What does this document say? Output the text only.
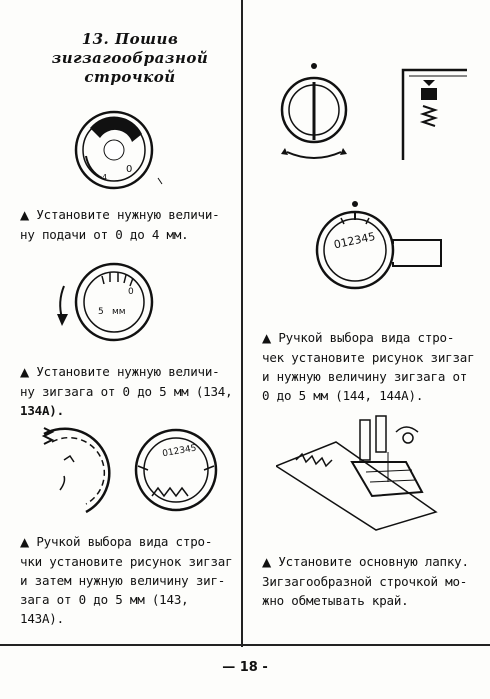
13. Пошив
зигзагообразной
строчкой
0
4
▲ Установите нужную величи-
ну подачи от 0 до 4 мм.
0
5 мм
▲ Установите нужную величи-
ну зигзага от 0 до 5 мм (134,
134А).
012345
▲ Ручкой выбора вида стро-
чки установите рисунок зигзаг
и затем нужную величину зиг-
зага от 0 до 5 мм (143, 143А).
012345
▲ Ручкой выбора вида стро-
чек установите рисунок зигзаг
и нужную величину зигзага от
0 до 5 мм (144, 144А).
▲ Установите основную лапку.
Зигзагообразной строчкой мо-
жно обметывать край.
— 18 -
